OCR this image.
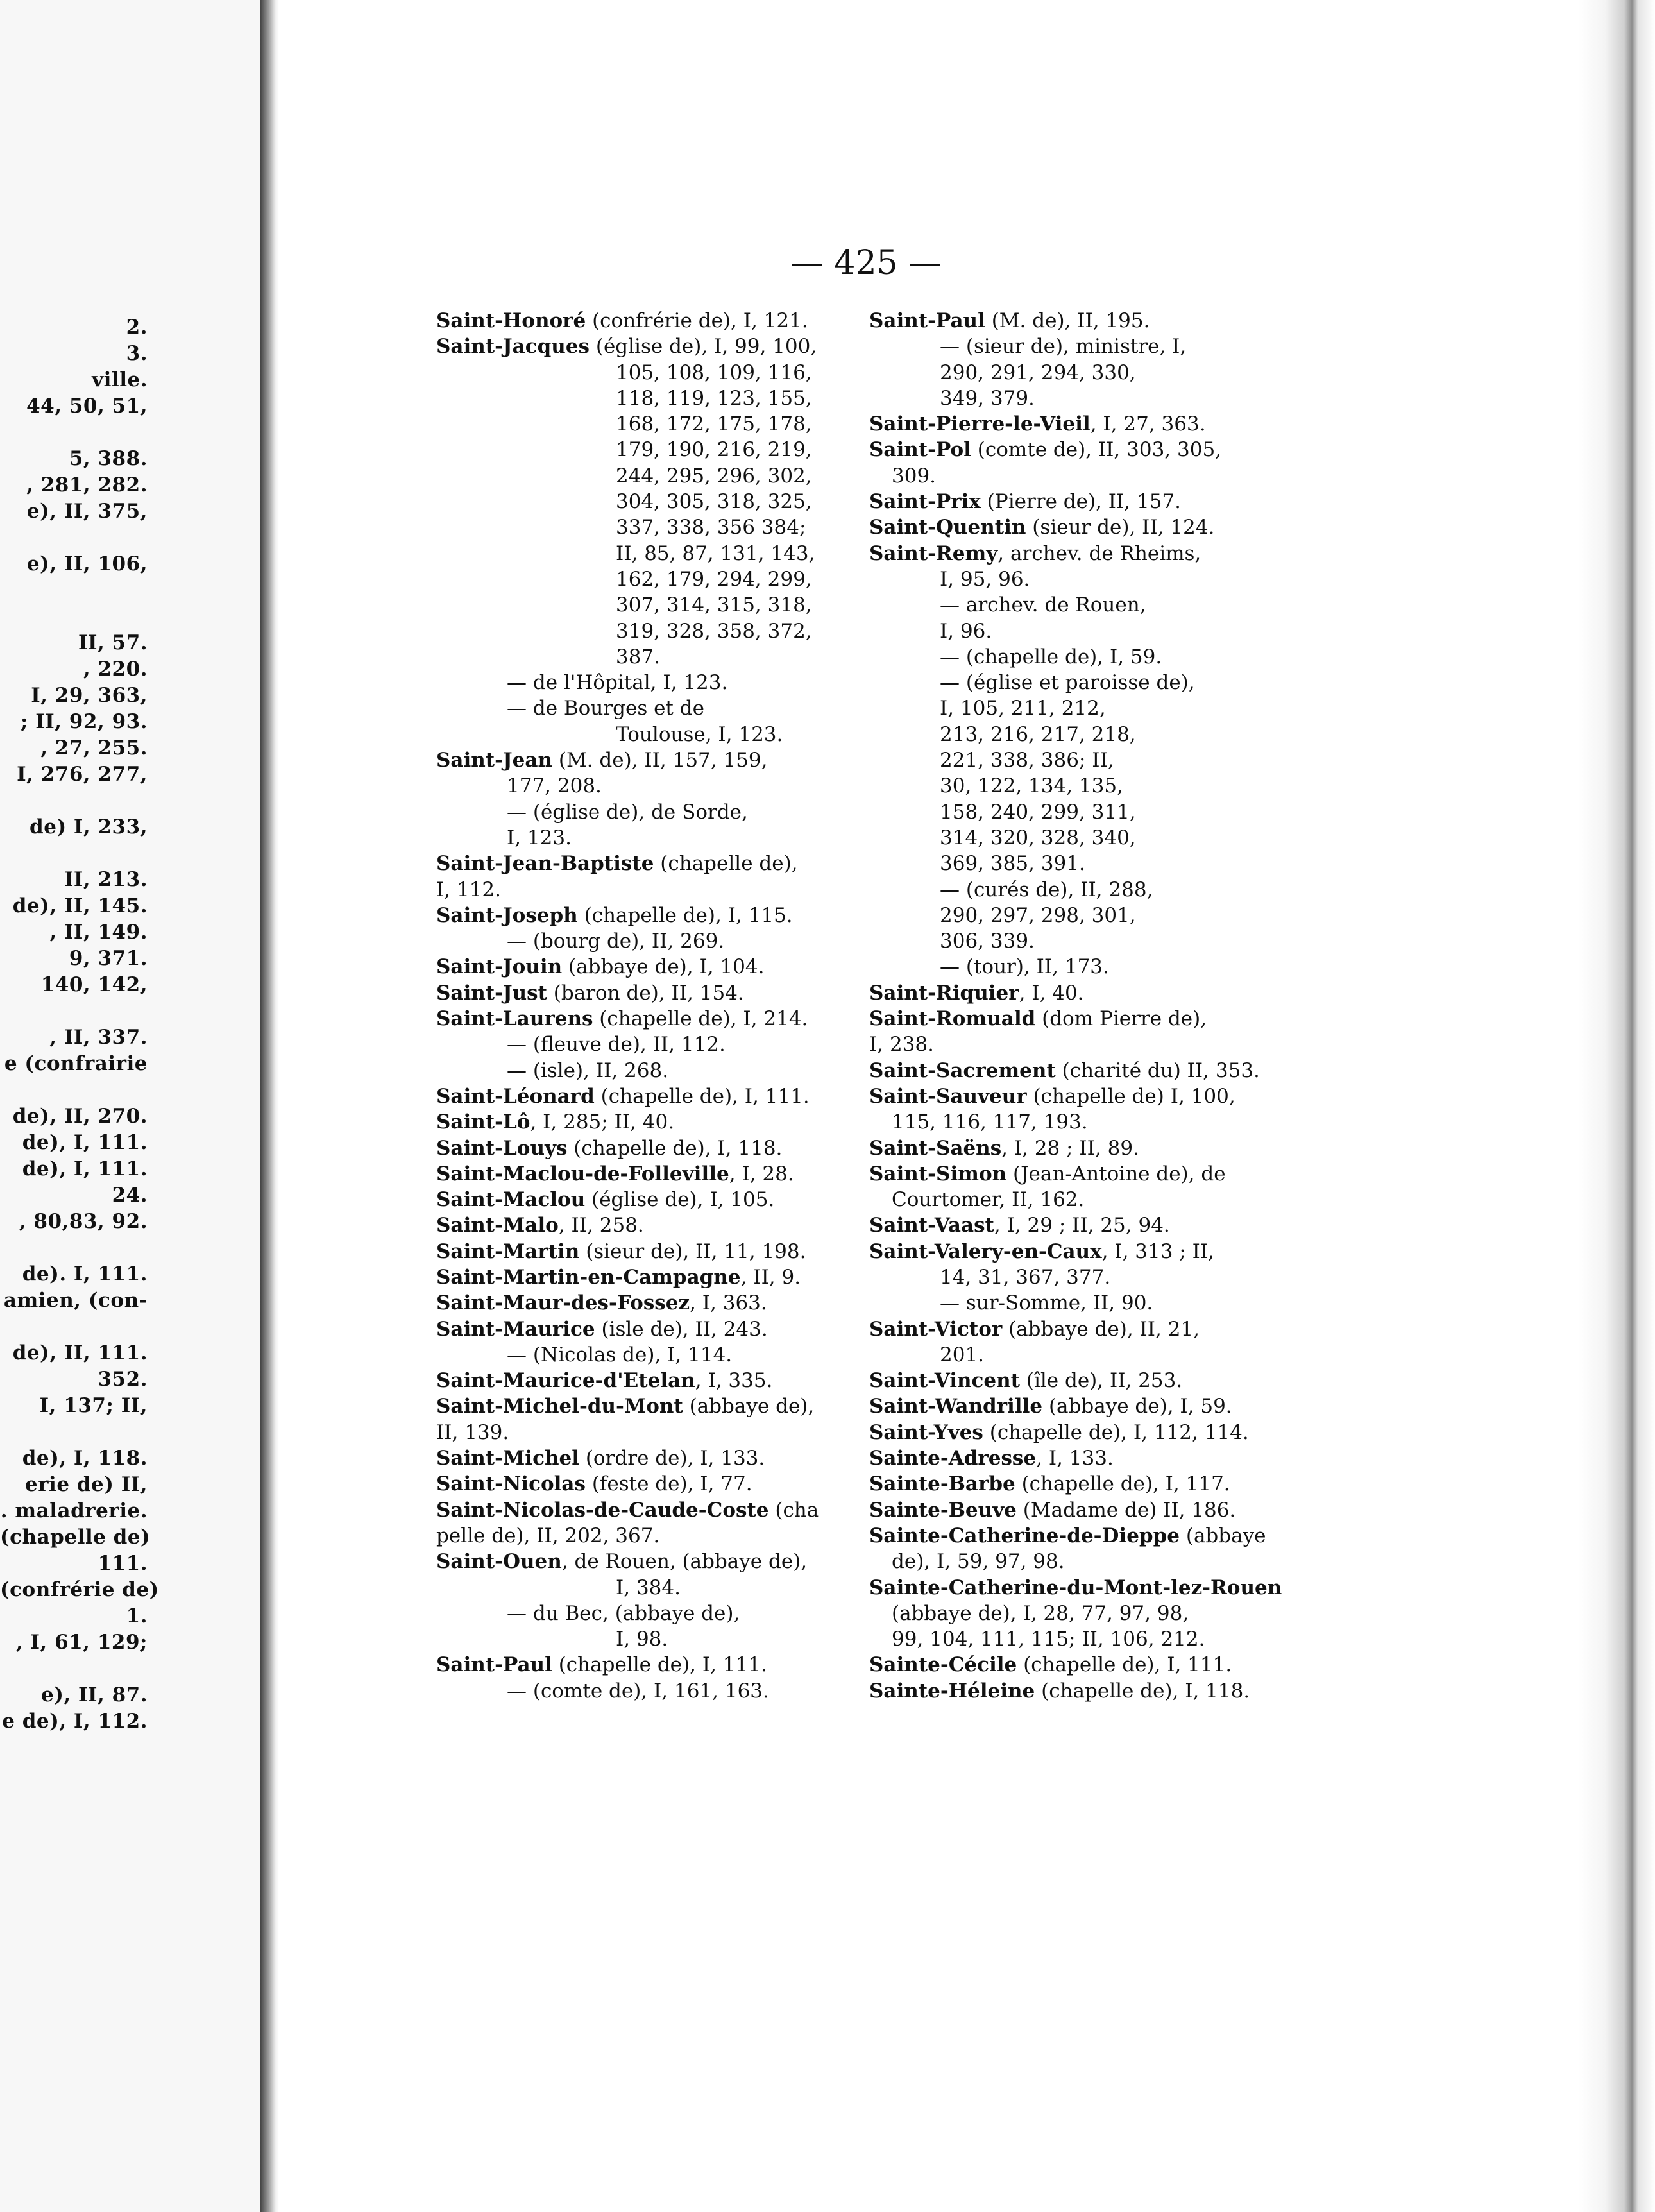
2.
3.
ville.
44, 50, 51,
5, 388.
, 281, 282.
e), II, 375,
e), II, 106,
II, 57.
, 220.
I, 29, 363,
; II, 92, 93.
, 27, 255.
I, 276, 277,
de) I, 233,
II, 213.
de), II, 145.
, II, 149.
9, 371.
140, 142,
, II, 337.
e (confrairie
de), II, 270.
de), I, 111.
de), I, 111.
24.
, 80,83, 92.
de). I, 111.
amien, (con-
de), II, 111.
352.
I, 137; II,
de), I, 118.
erie de) II,
. maladrerie.
(chapelle de)
111.
(confrérie de)
1.
, I, 61, 129;
e), II, 87.
e de), I, 112.
— 425 —
Saint-Honoré (confrérie de), I, 121.
Saint-Jacques (église de), I, 99, 100,
105, 108, 109, 116,
118, 119, 123, 155,
168, 172, 175, 178,
179, 190, 216, 219,
244, 295, 296, 302,
304, 305, 318, 325,
337, 338, 356 384;
II, 85, 87, 131, 143,
162, 179, 294, 299,
307, 314, 315, 318,
319, 328, 358, 372,
387.
— de l'Hôpital, I, 123.
— de Bourges et de
Toulouse, I, 123.
Saint-Jean (M. de), II, 157, 159,
177, 208.
— (église de), de Sorde,
I, 123.
Saint-Jean-Baptiste (chapelle de),
I, 112.
Saint-Joseph (chapelle de), I, 115.
— (bourg de), II, 269.
Saint-Jouin (abbaye de), I, 104.
Saint-Just (baron de), II, 154.
Saint-Laurens (chapelle de), I, 214.
— (fleuve de), II, 112.
— (isle), II, 268.
Saint-Léonard (chapelle de), I, 111.
Saint-Lô, I, 285; II, 40.
Saint-Louys (chapelle de), I, 118.
Saint-Maclou-de-Folleville, I, 28.
Saint-Maclou (église de), I, 105.
Saint-Malo, II, 258.
Saint-Martin (sieur de), II, 11, 198.
Saint-Martin-en-Campagne, II, 9.
Saint-Maur-des-Fossez, I, 363.
Saint-Maurice (isle de), II, 243.
— (Nicolas de), I, 114.
Saint-Maurice-d'Etelan, I, 335.
Saint-Michel-du-Mont (abbaye de),
II, 139.
Saint-Michel (ordre de), I, 133.
Saint-Nicolas (feste de), I, 77.
Saint-Nicolas-de-Caude-Coste (cha
pelle de), II, 202, 367.
Saint-Ouen, de Rouen, (abbaye de),
I, 384.
— du Bec, (abbaye de),
I, 98.
Saint-Paul (chapelle de), I, 111.
— (comte de), I, 161, 163.
Saint-Paul (M. de), II, 195.
— (sieur de), ministre, I,
290, 291, 294, 330,
349, 379.
Saint-Pierre-le-Vieil, I, 27, 363.
Saint-Pol (comte de), II, 303, 305,
309.
Saint-Prix (Pierre de), II, 157.
Saint-Quentin (sieur de), II, 124.
Saint-Remy, archev. de Rheims,
I, 95, 96.
— archev. de Rouen,
I, 96.
— (chapelle de), I, 59.
— (église et paroisse de),
I, 105, 211, 212,
213, 216, 217, 218,
221, 338, 386; II,
30, 122, 134, 135,
158, 240, 299, 311,
314, 320, 328, 340,
369, 385, 391.
— (curés de), II, 288,
290, 297, 298, 301,
306, 339.
— (tour), II, 173.
Saint-Riquier, I, 40.
Saint-Romuald (dom Pierre de),
I, 238.
Saint-Sacrement (charité du) II, 353.
Saint-Sauveur (chapelle de) I, 100,
115, 116, 117, 193.
Saint-Saëns, I, 28 ; II, 89.
Saint-Simon (Jean-Antoine de), de
Courtomer, II, 162.
Saint-Vaast, I, 29 ; II, 25, 94.
Saint-Valery-en-Caux, I, 313 ; II,
14, 31, 367, 377.
— sur-Somme, II, 90.
Saint-Victor (abbaye de), II, 21,
201.
Saint-Vincent (île de), II, 253.
Saint-Wandrille (abbaye de), I, 59.
Saint-Yves (chapelle de), I, 112, 114.
Sainte-Adresse, I, 133.
Sainte-Barbe (chapelle de), I, 117.
Sainte-Beuve (Madame de) II, 186.
Sainte-Catherine-de-Dieppe (abbaye
de), I, 59, 97, 98.
Sainte-Catherine-du-Mont-lez-Rouen
(abbaye de), I, 28, 77, 97, 98,
99, 104, 111, 115; II, 106, 212.
Sainte-Cécile (chapelle de), I, 111.
Sainte-Héleine (chapelle de), I, 118.
